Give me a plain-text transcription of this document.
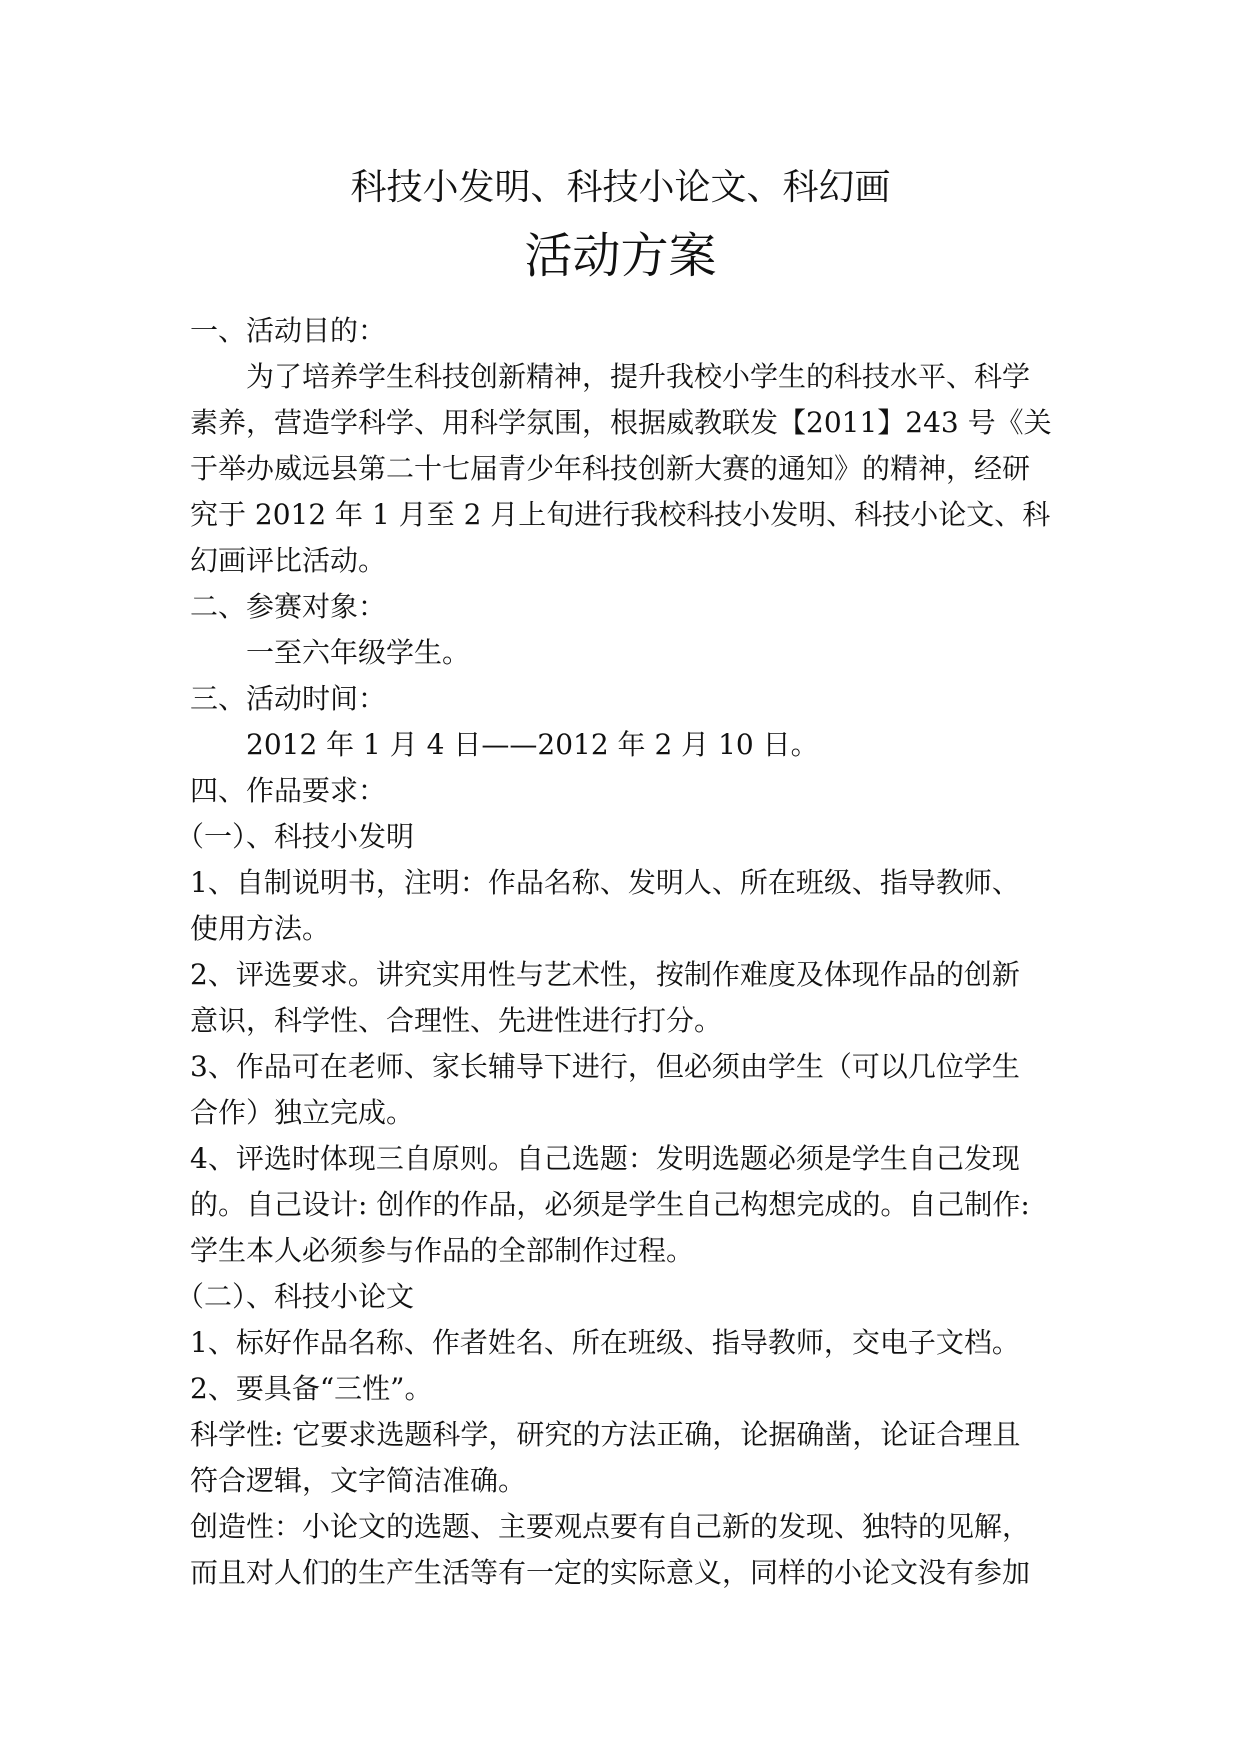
科技小发明、科技小论文、科幻画
活动方案
一、活动目的：
为了培养学生科技创新精神，提升我校小学生的科技水平、科学
素养，营造学科学、用科学氛围，根据威教联发【2011】243 号《关
于举办威远县第二十七届青少年科技创新大赛的通知》的精神，经研
究于 2012 年 1 月至 2 月上旬进行我校科技小发明、科技小论文、科
幻画评比活动。
二、参赛对象：
一至六年级学生。
三、活动时间：
2012 年 1 月 4 日——2012 年 2 月 10 日。
四、作品要求：
（一）、科技小发明
1、自制说明书，注明：作品名称、发明人、所在班级、指导教师、
使用方法。
2、评选要求。讲究实用性与艺术性，按制作难度及体现作品的创新
意识，科学性、合理性、先进性进行打分。
3、作品可在老师、家长辅导下进行，但必须由学生（可以几位学生
合作）独立完成。
4、评选时体现三自原则。自己选题：发明选题必须是学生自己发现
的。自己设计: 创作的作品，必须是学生自己构想完成的。自己制作:
学生本人必须参与作品的全部制作过程。
（二）、科技小论文
1、标好作品名称、作者姓名、所在班级、指导教师，交电子文档。
2、要具备“三性”。
科学性: 它要求选题科学，研究的方法正确，论据确凿，论证合理且
符合逻辑，文字简洁准确。
创造性：小论文的选题、主要观点要有自己新的发现、独特的见解，
而且对人们的生产生活等有一定的实际意义，同样的小论文没有参加
